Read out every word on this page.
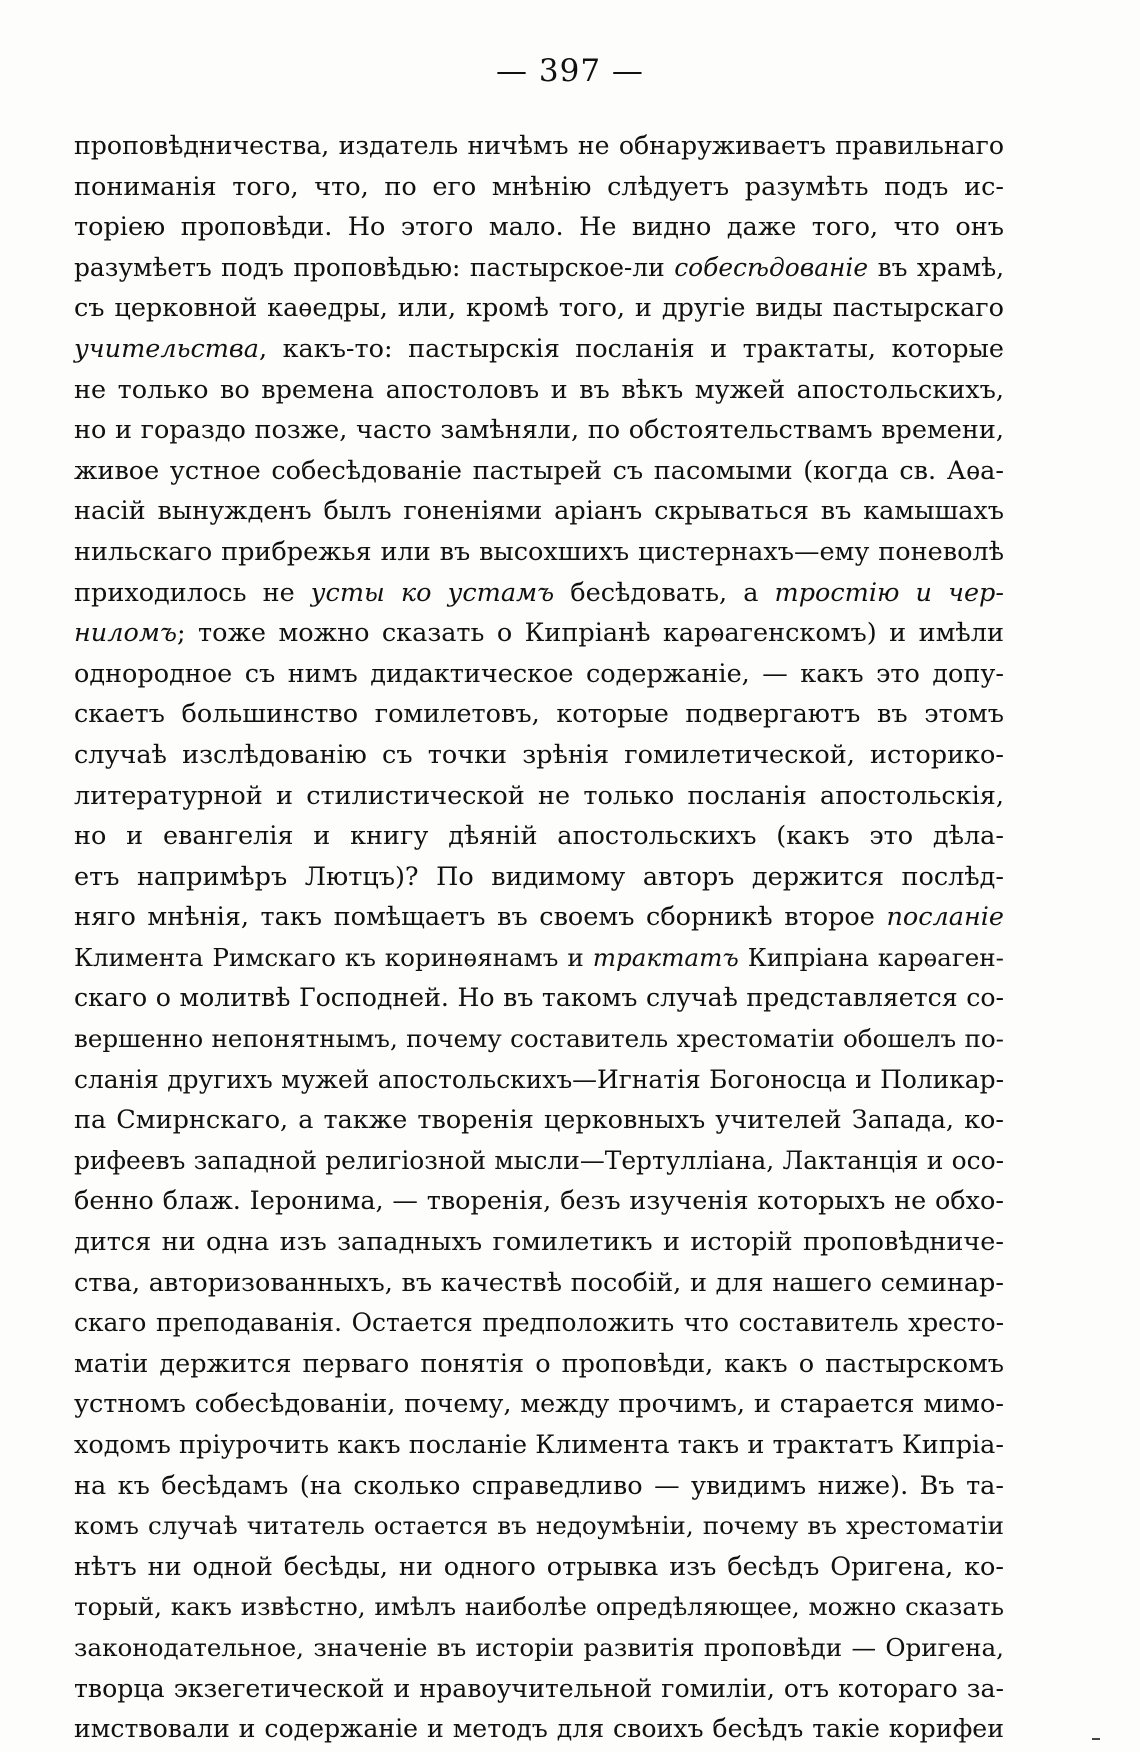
— 397 —
проповѣдничества, издатель ничѣмъ не обнаруживаетъ правильнаго
пониманія того, что, по его мнѣнію слѣдуетъ разумѣть подъ ис-
торіею проповѣди. Но этого мало. Не видно даже того, что онъ
разумѣетъ подъ проповѣдью: пастырское-ли собесѣдованіе въ храмѣ,
съ церковной каѳедры, или, кромѣ того, и другіе виды пастырскаго
учительства, какъ-то: пастырскія посланія и трактаты, которые
не только во времена апостоловъ и въ вѣкъ мужей апостольскихъ,
но и гораздо позже, часто замѣняли, по обстоятельствамъ времени,
живое устное собесѣдованіе пастырей съ пасомыми (когда св. Аѳа-
насій вынужденъ былъ гоненіями аріанъ скрываться въ камышахъ
нильскаго прибрежья или въ высохшихъ цистернахъ—ему поневолѣ
приходилось не усты ко устамъ бесѣдовать, а тростію и чер-
ниломъ; тоже можно сказать о Кипріанѣ карѳагенскомъ) и имѣли
однородное съ нимъ дидактическое содержаніе, — какъ это допу-
скаетъ большинство гомилетовъ, которые подвергаютъ въ этомъ
случаѣ изслѣдованію съ точки зрѣнія гомилетической, историко-
литературной и стилистической не только посланія апостольскія,
но и евангелія и книгу дѣяній апостольскихъ (какъ это дѣла-
етъ напримѣръ Лютцъ)? По видимому авторъ держится послѣд-
няго мнѣнія, такъ помѣщаетъ въ своемъ сборникѣ второе посланіе
Климента Римскаго къ коринѳянамъ и трактатъ Кипріана карѳаген-
скаго о молитвѣ Господней. Но въ такомъ случаѣ представляется со-
вершенно непонятнымъ, почему составитель хрестоматіи обошелъ по-
сланія другихъ мужей апостольскихъ—Игнатія Богоносца и Поликар-
па Смирнскаго, а также творенія церковныхъ учителей Запада, ко-
рифеевъ западной религіозной мысли—Тертулліана, Лактанція и осо-
бенно блаж. Іеронима, — творенія, безъ изученія которыхъ не обхо-
дится ни одна изъ западныхъ гомилетикъ и исторій проповѣдниче-
ства, авторизованныхъ, въ качествѣ пособій, и для нашего семинар-
скаго преподаванія. Остается предположить что составитель хресто-
матіи держится перваго понятія о проповѣди, какъ о пастырскомъ
устномъ собесѣдованіи, почему, между прочимъ, и старается мимо-
ходомъ пріурочить какъ посланіе Климента такъ и трактатъ Кипріа-
на къ бесѣдамъ (на сколько справедливо — увидимъ ниже). Въ та-
комъ случаѣ читатель остается въ недоумѣніи, почему въ хрестоматіи
нѣтъ ни одной бесѣды, ни одного отрывка изъ бесѣдъ Оригена, ко-
торый, какъ извѣстно, имѣлъ наиболѣе опредѣляющее, можно сказать
законодательное, значеніе въ исторіи развитія проповѣди — Оригена,
творца экзегетической и нравоучительной гомиліи, отъ котораго за-
имствовали и содержаніе и методъ для своихъ бесѣдъ такіе корифеи
